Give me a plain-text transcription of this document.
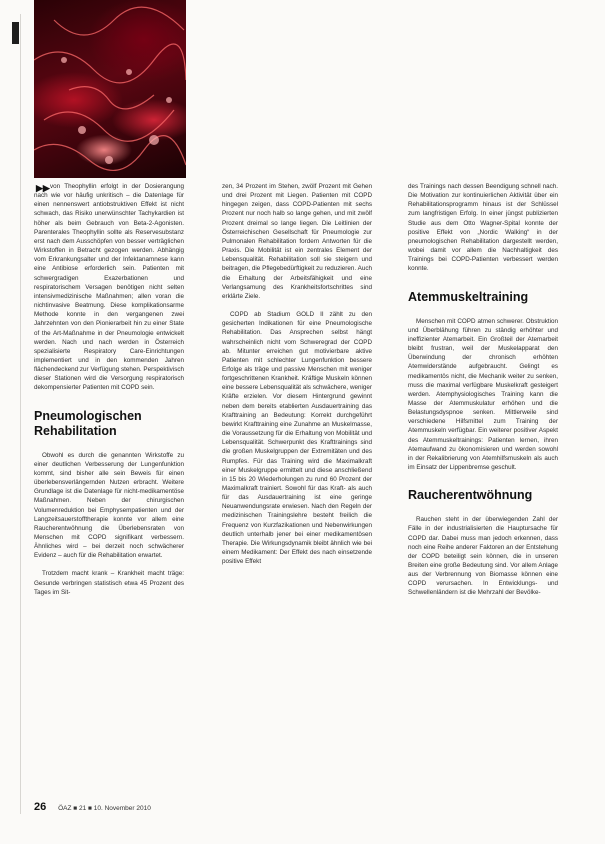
▶▶ von Theophyllin erfolgt in der Dosierangung nach wie vor häufig unkritisch – die Datenlage für einen nennenswert antiobstruktiven Effekt ist nicht schwach, das Risiko unerwünschter Tachykardien ist höher als beim Gebrauch von Beta-2-Agonisten. Parenterales Theophyllin sollte als Reservesubstanz erst nach dem Ausschöpfen von besser verträglichen Wirkstoffen in Betracht gezogen werden. Abhängig vom Erkrankungsalter und der Infektanamnese kann eine Antibiose erforderlich sein. Patienten mit schwergradigen Exazerbationen und respiratorischem Versagen benötigen nicht selten intensivmedizinische Maßnahmen; allen voran die nichtinvasive Beatmung. Diese komplikationsarme Methode konnte in den vergangenen zwei Jahrzehnten von den Pionierarbeit hin zu einer State of the Art-Maßnahme in der Pneumologie entwickelt werden. Nach und nach werden in Österreich spezialisierte Respiratory Care-Einrichtungen implementiert und in den kommenden Jahren flächendeckend zur Verfügung stehen. Perspektivisch dieser Stationen wird die Versorgung respiratorisch dekompensierter Patienten mit COPD sein.

Pneumologischen Rehabilitation

Obwohl es durch die genannten Wirkstoffe zu einer deutlichen Verbesserung der Lungenfunktion kommt, sind bisher alle sein Beweis für einen überlebensverlängernden Nutzen erbracht. Weitere Grundlage ist die Datenlage für nicht-medikamentöse Maßnahmen. Neben der chirurgischen Volumenreduktion bei Emphysempatienten und der Langzeitsauerstofftherapie konnte vor allem eine Raucherentwöhnung die Überlebensraten von Menschen mit COPD signifikant verbessern. Ähnliches wird – bei derzeit noch schwächerer Evidenz – auch für die Rehabilitation erwartet.

Trotzdem macht krank – Krankheit macht träge: Gesunde verbringen statistisch etwa 45 Prozent des Tages im Sit-

zen, 34 Prozent im Stehen, zwölf Prozent mit Gehen und drei Prozent mit Liegen. Patienten mit COPD hingegen zeigen, dass COPD-Patienten mit sechs Prozent nur noch halb so lange gehen, und mit zwölf Prozent dreimal so lange liegen. Die Leitlinien der Österreichischen Gesellschaft für Pneumologie zur Pulmonalen Rehabilitation fordern Antworten für die Praxis. Die Mobilität ist ein zentrales Element der Lebensqualität. Rehabilitation soll sie steigern und beitragen, die Pflegebedürftigkeit zu reduzieren. Auch die Erhaltung der Arbeitsfähigkeit und eine Verlangsamung des Krankheitsfortschrittes sind erklärte Ziele.

COPD ab Stadium GOLD II zählt zu den gesicherten Indikationen für eine Pneumologische Rehabilitation. Das Ansprechen selbst hängt wahrscheinlich nicht vom Schweregrad der COPD ab. Mitunter erreichen gut motivierbare aktive Patienten mit schlechter Lungenfunktion bessere Erfolge als träge und passive Menschen mit weniger fortgeschrittenen Krankheit. Kräftige Muskeln können eine bessere Lebensqualität als schwächere, weniger Kräfte erzielen. Vor diesem Hintergrund gewinnt neben dem bereits etablierten Ausdauertraining das Krafttraining an Bedeutung: Korrekt durchgeführt bewirkt Krafttraining eine Zunahme an Muskelmasse, die Voraussetzung für die Erhaltung von Mobilität und Lebensqualität. Schwerpunkt des Krafttrainings sind die großen Muskelgruppen der Extremitäten und des Rumpfes. Für das Training wird die Maximalkraft einer Muskelgruppe ermittelt und diese anschließend in 15 bis 20 Wiederholungen zu rund 60 Prozent der Maximalkraft trainiert. Sowohl für das Kraft- als auch für das Ausdauertraining ist eine geringe Neuanwendungsrate erwiesen. Nach den Regeln der medizinischen Trainingslehre besteht freilich die Frequenz von Kurzfazikationen und Nebenwirkungen deutlich unterhalb jener bei einer medikamentösen Therapie. Die Wirkungsdynamik bleibt ähnlich wie bei einem Medikament: Der Effekt des nach einsetzende positive Effekt

des Trainings nach dessen Beendigung schnell nach. Die Motivation zur kontinuierlichen Aktivität über ein Rehabilitationsprogramm hinaus ist der Schlüssel zum langfristigen Erfolg. In einer jüngst publizierten Studie aus dem Otto Wagner-Spital konnte der positive Effekt von „Nordic Walking“ in der pneumologischen Rehabilitation dargestellt werden, wobei damit vor allem die Nachhaltigkeit des Trainings bei COPD-Patienten verbessert werden konnte.

Atemmuskeltraining

Menschen mit COPD atmen schwerer. Obstruktion und Überblähung führen zu ständig erhöhter und ineffizienter Atemarbeit. Ein Großteil der Atemarbeit bleibt frustran, weil der Muskelapparat den Überwindung der chronisch erhöhten Atemwiderstände aufgebraucht. Gelingt es medikamentös nicht, die Mechanik weiter zu senken, muss die maximal verfügbare Muskelkraft gesteigert werden. Atemphysiologisches Training kann die Masse der Atemmuskulatur erhöhen und die Belastungsdyspnoe senken. Mittlerweile sind verschiedene Hilfsmittel zum Training der Atemmuskeln verfügbar. Ein weiterer positiver Aspekt des Atemmuskeltrainings: Patienten lernen, ihren Atemaufwand zu ökonomisieren und werden sowohl in der Rekalibrierung von Atemhilfsmuskeln als auch im Einsatz der Lippenbremse geschult.

Raucherentwöhnung

Rauchen steht in der überwiegenden Zahl der Fälle in der industrialisierten die Hauptursache für COPD dar. Dabei muss man jedoch erkennen, dass noch eine Reihe anderer Faktoren an der Entstehung der COPD beteiligt sein können, die in unseren Breiten eine große Bedeutung sind. Vor allem Anlage aus der Verbrennung von Biomasse können eine COPD verursachen. In Entwicklungs- und Schwellenländern ist die Mehrzahl der Bevölke-

26 ÖAZ ■ 21 ■ 10. November 2010
